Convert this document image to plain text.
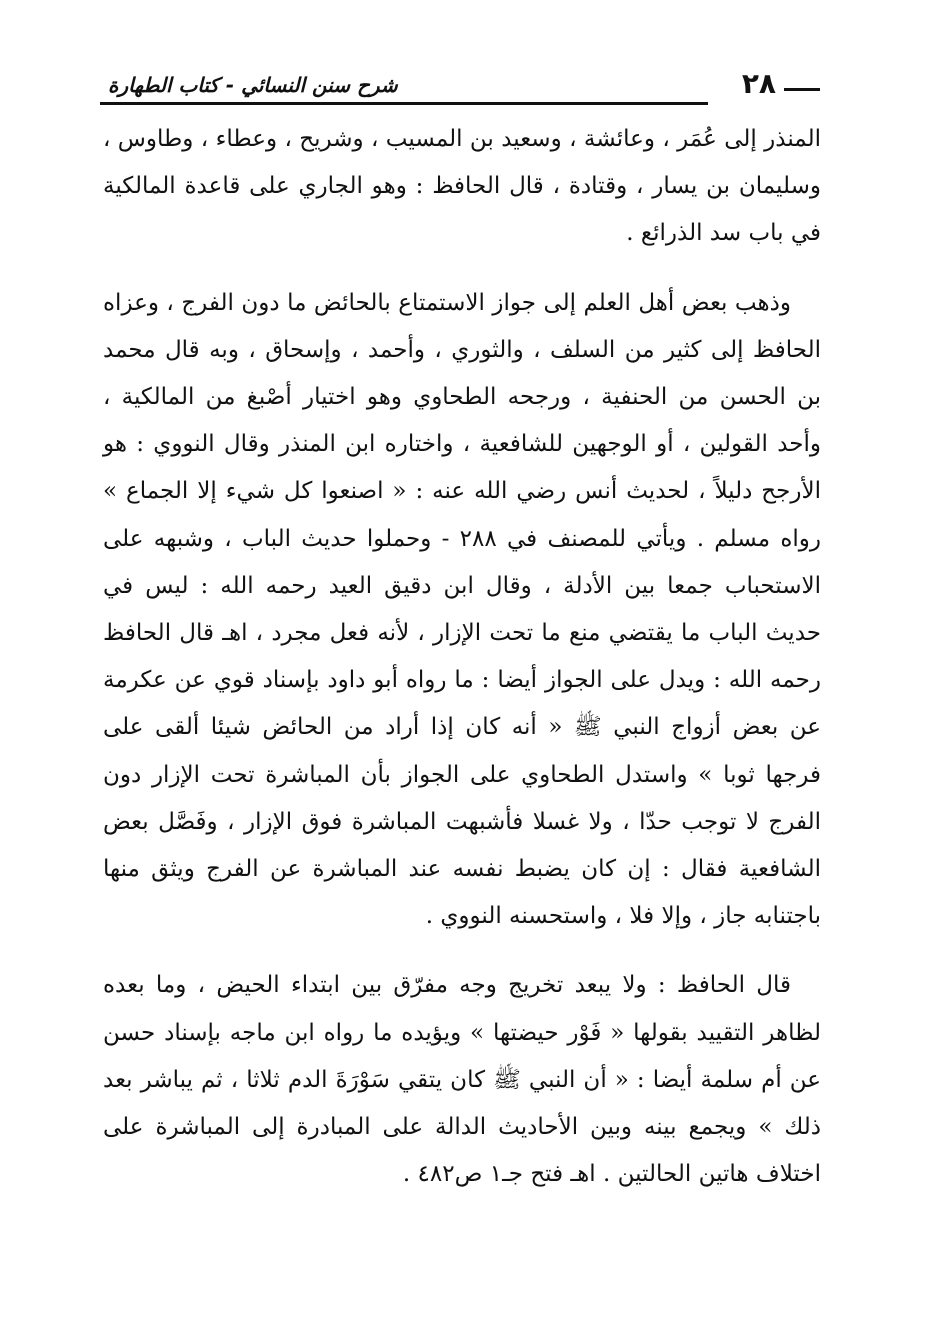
٢٨
شرح سنن النسائي - كتاب الطهارة

المنذر إلى عُمَر ، وعائشة ، وسعيد بن المسيب ، وشريح ، وعطاء ، وطاوس ، وسليمان بن يسار ، وقتادة ، قال الحافظ : وهو الجاري على قاعدة المالكية في باب سد الذرائع .

وذهب بعض أهل العلم إلى جواز الاستمتاع بالحائض ما دون الفرج ، وعزاه الحافظ إلى كثير من السلف ، والثوري ، وأحمد ، وإسحاق ، وبه قال محمد بن الحسن من الحنفية ، ورجحه الطحاوي وهو اختيار أصْبغ من المالكية ، وأحد القولين ، أو الوجهين للشافعية ، واختاره ابن المنذر وقال النووي : هو الأرجح دليلاً ، لحديث أنس رضي الله عنه : « اصنعوا كل شيء إلا الجماع » رواه مسلم . ويأتي للمصنف في ٢٨٨ - وحملوا حديث الباب ، وشبهه على الاستحباب جمعا بين الأدلة ، وقال ابن دقيق العيد رحمه الله : ليس في حديث الباب ما يقتضي منع ما تحت الإزار ، لأنه فعل مجرد ، اهـ قال الحافظ رحمه الله : ويدل على الجواز أيضا : ما رواه أبو داود بإسناد قوي عن عكرمة عن بعض أزواج النبي ﷺ « أنه كان إذا أراد من الحائض شيئا ألقى على فرجها ثوبا » واستدل الطحاوي على الجواز بأن المباشرة تحت الإزار دون الفرج لا توجب حدّا ، ولا غسلا فأشبهت المباشرة فوق الإزار ، وفَصَّل بعض الشافعية فقال : إن كان يضبط نفسه عند المباشرة عن الفرج ويثق منها باجتنابه جاز ، وإلا فلا ، واستحسنه النووي .

قال الحافظ : ولا يبعد تخريج وجه مفرّق بين ابتداء الحيض ، وما بعده لظاهر التقييد بقولها « فَوْر حيضتها » ويؤيده ما رواه ابن ماجه بإسناد حسن عن أم سلمة أيضا : « أن النبي ﷺ كان يتقي سَوْرَةَ الدم ثلاثا ، ثم يباشر بعد ذلك » ويجمع بينه وبين الأحاديث الدالة على المبادرة إلى المباشرة على اختلاف هاتين الحالتين . اهـ فتح جـ١ ص٤٨٢ .
